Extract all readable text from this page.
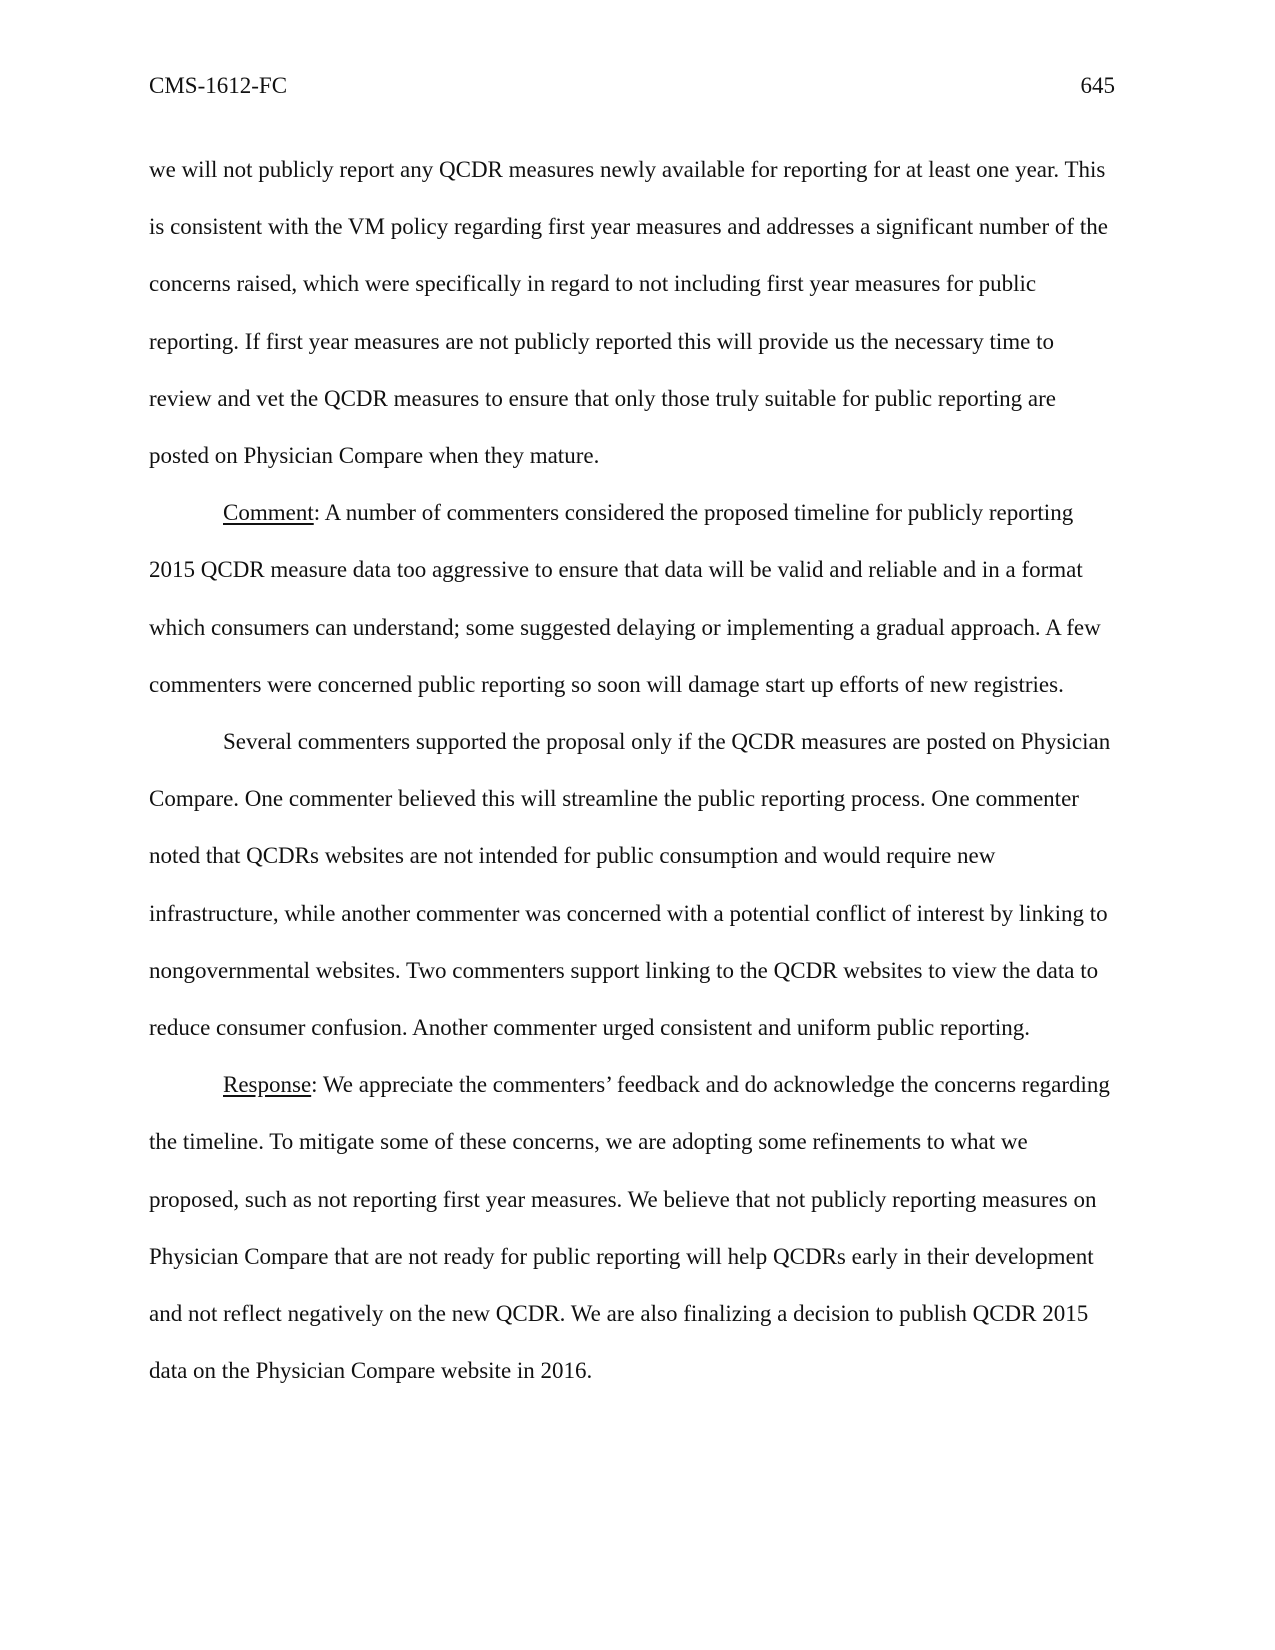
CMS-1612-FC	645

we will not publicly report any QCDR measures newly available for reporting for at least one year. This is consistent with the VM policy regarding first year measures and addresses a significant number of the concerns raised, which were specifically in regard to not including first year measures for public reporting. If first year measures are not publicly reported this will provide us the necessary time to review and vet the QCDR measures to ensure that only those truly suitable for public reporting are posted on Physician Compare when they mature.

Comment: A number of commenters considered the proposed timeline for publicly reporting 2015 QCDR measure data too aggressive to ensure that data will be valid and reliable and in a format which consumers can understand; some suggested delaying or implementing a gradual approach. A few commenters were concerned public reporting so soon will damage start up efforts of new registries.

Several commenters supported the proposal only if the QCDR measures are posted on Physician Compare. One commenter believed this will streamline the public reporting process. One commenter noted that QCDRs websites are not intended for public consumption and would require new infrastructure, while another commenter was concerned with a potential conflict of interest by linking to nongovernmental websites. Two commenters support linking to the QCDR websites to view the data to reduce consumer confusion. Another commenter urged consistent and uniform public reporting.

Response: We appreciate the commenters’ feedback and do acknowledge the concerns regarding the timeline. To mitigate some of these concerns, we are adopting some refinements to what we proposed, such as not reporting first year measures. We believe that not publicly reporting measures on Physician Compare that are not ready for public reporting will help QCDRs early in their development and not reflect negatively on the new QCDR. We are also finalizing a decision to publish QCDR 2015 data on the Physician Compare website in 2016.
